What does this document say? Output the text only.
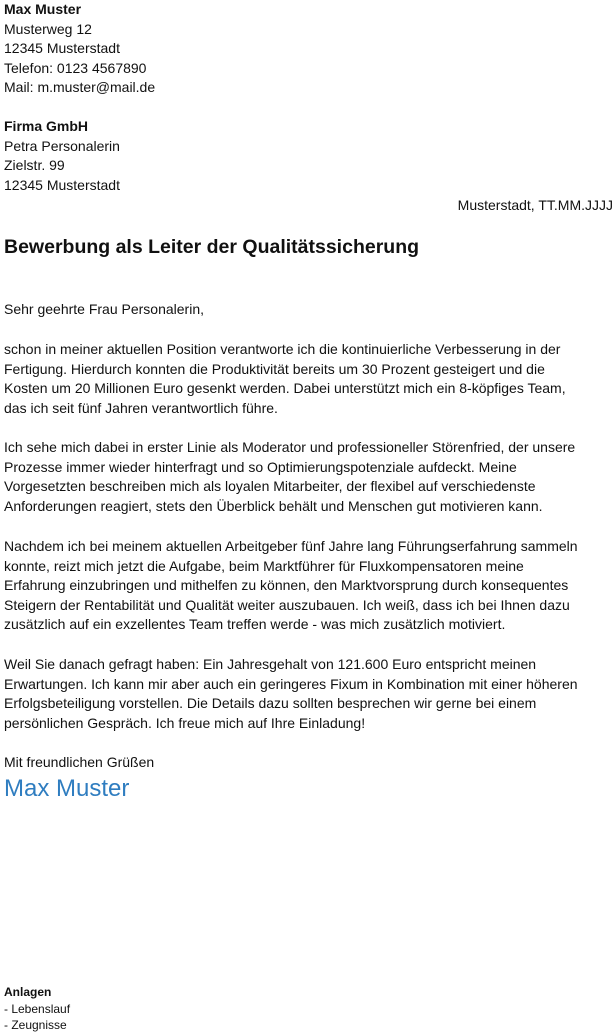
Max Muster
Musterweg 12
12345 Musterstadt
Telefon: 0123 4567890
Mail: m.muster@mail.de
Firma GmbH
Petra Personalerin
Zielstr. 99
12345 Musterstadt
Musterstadt, TT.MM.JJJJ
Bewerbung als Leiter der Qualitätssicherung
Sehr geehrte Frau Personalerin,
schon in meiner aktuellen Position verantworte ich die kontinuierliche Verbesserung in der
Fertigung. Hierdurch konnten die Produktivität bereits um 30 Prozent gesteigert und die
Kosten um 20 Millionen Euro gesenkt werden. Dabei unterstützt mich ein 8-köpfiges Team,
das ich seit fünf Jahren verantwortlich führe.
Ich sehe mich dabei in erster Linie als Moderator und professioneller Störenfried, der unsere
Prozesse immer wieder hinterfragt und so Optimierungspotenziale aufdeckt. Meine
Vorgesetzten beschreiben mich als loyalen Mitarbeiter, der flexibel auf verschiedenste
Anforderungen reagiert, stets den Überblick behält und Menschen gut motivieren kann.
Nachdem ich bei meinem aktuellen Arbeitgeber fünf Jahre lang Führungserfahrung sammeln
konnte, reizt mich jetzt die Aufgabe, beim Marktführer für Fluxkompensatoren meine
Erfahrung einzubringen und mithelfen zu können, den Marktvorsprung durch konsequentes
Steigern der Rentabilität und Qualität weiter auszubauen. Ich weiß, dass ich bei Ihnen dazu
zusätzlich auf ein exzellentes Team treffen werde - was mich zusätzlich motiviert.
Weil Sie danach gefragt haben: Ein Jahresgehalt von 121.600 Euro entspricht meinen
Erwartungen. Ich kann mir aber auch ein geringeres Fixum in Kombination mit einer höheren
Erfolgsbeteiligung vorstellen. Die Details dazu sollten besprechen wir gerne bei einem
persönlichen Gespräch. Ich freue mich auf Ihre Einladung!
Mit freundlichen Grüßen
Max Muster
Anlagen
- Lebenslauf
- Zeugnisse
